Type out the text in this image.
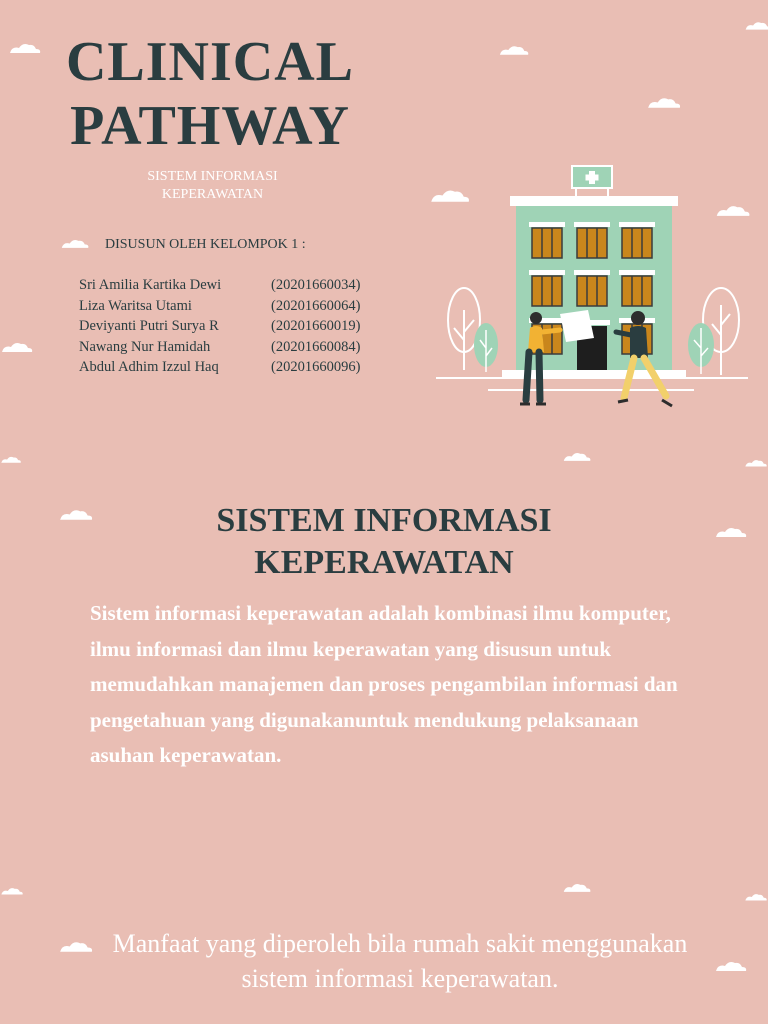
CLINICAL
PATHWAY
SISTEM INFORMASI
KEPERAWATAN
DISUSUN OLEH KELOMPOK 1 :
Sri Amilia Kartika Dewi	(20201660034)
Liza Waritsa Utami	(20201660064)
Deviyanti Putri Surya R	(20201660019)
Nawang Nur Hamidah	(20201660084)
Abdul Adhim Izzul Haq	(20201660096)
SISTEM INFORMASI
KEPERAWATAN
Sistem informasi keperawatan adalah kombinasi ilmu komputer, ilmu informasi dan ilmu keperawatan yang disusun untuk memudahkan manajemen dan proses pengambilan informasi dan pengetahuan yang digunakanuntuk mendukung pelaksanaan asuhan keperawatan.
Manfaat yang diperoleh bila rumah sakit menggunakan sistem informasi keperawatan.
